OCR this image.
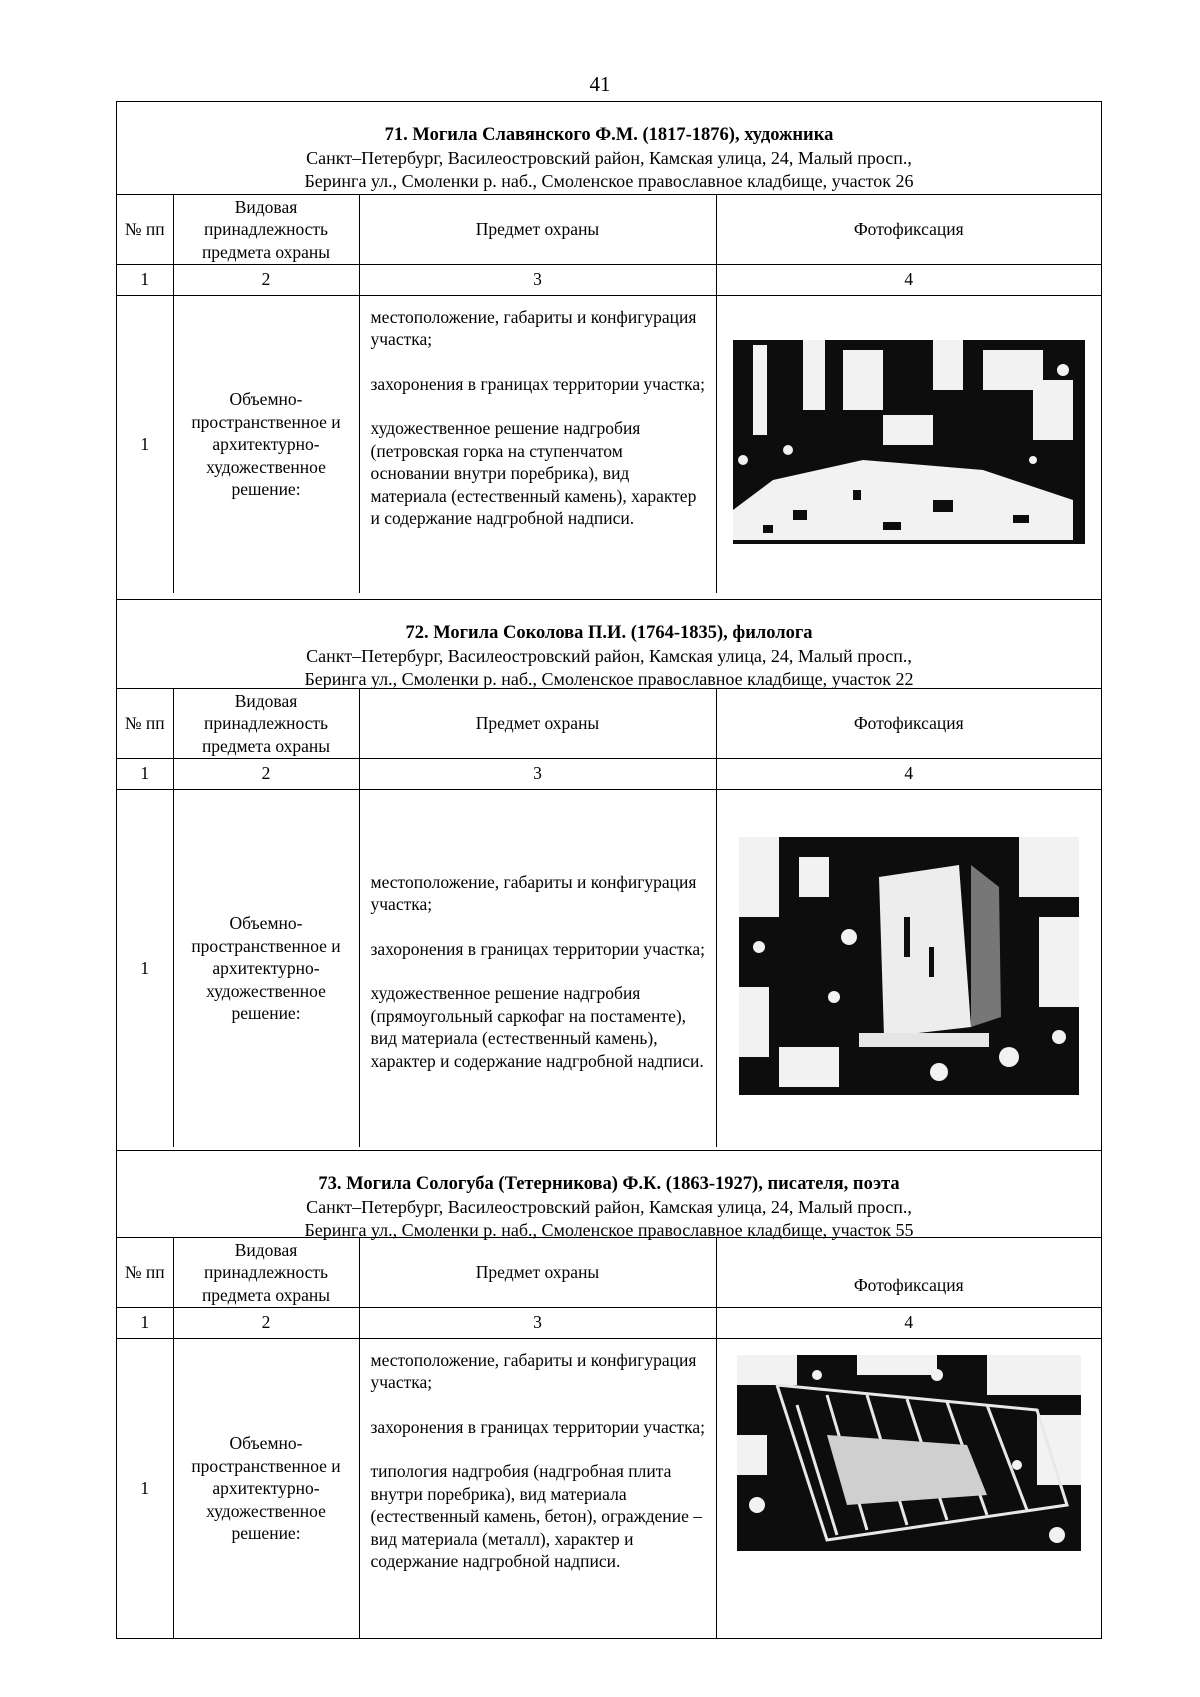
41
71. Могила Славянского Ф.М. (1817-1876), художника
Санкт–Петербург, Василеостровский район, Камская улица, 24, Малый просп.,
Беринга ул., Смоленки р. наб., Смоленское православное кладбище, участок 26
№ пп	Видовая принадлежность предмета охраны	Предмет охраны	Фотофиксация
1	2	3	4
1	Объемно-пространственное и архитектурно-художественное решение:	местоположение, габариты и конфигурация участка;

захоронения в границах территории участка;

художественное решение надгробия (петровская горка на ступенчатом основании внутри поребрика), вид материала (естественный камень), характер и содержание надгробной надписи.

72. Могила Соколова П.И. (1764-1835), филолога
Санкт–Петербург, Василеостровский район, Камская улица, 24, Малый просп.,
Беринга ул., Смоленки р. наб., Смоленское православное кладбище, участок 22
№ пп	Видовая принадлежность предмета охраны	Предмет охраны	Фотофиксация
1	2	3	4
1	Объемно-пространственное и архитектурно-художественное решение:	местоположение, габариты и конфигурация участка;

захоронения в границах территории участка;

художественное решение надгробия (прямоугольный саркофаг на постаменте), вид материала (естественный камень), характер и содержание надгробной надписи.

73. Могила Сологуба (Тетерникова) Ф.К. (1863-1927), писателя, поэта
Санкт–Петербург, Василеостровский район, Камская улица, 24, Малый просп.,
Беринга ул., Смоленки р. наб., Смоленское православное кладбище, участок 55
№ пп	Видовая принадлежность предмета охраны	Предмет охраны	Фотофиксация
1	2	3	4
1	Объемно-пространственное и архитектурно-художественное решение:	местоположение, габариты и конфигурация участка;

захоронения в границах территории участка;

типология надгробия (надгробная плита внутри поребрика), вид материала (естественный камень, бетон), ограждение – вид материала (металл), характер и содержание надгробной надписи.
